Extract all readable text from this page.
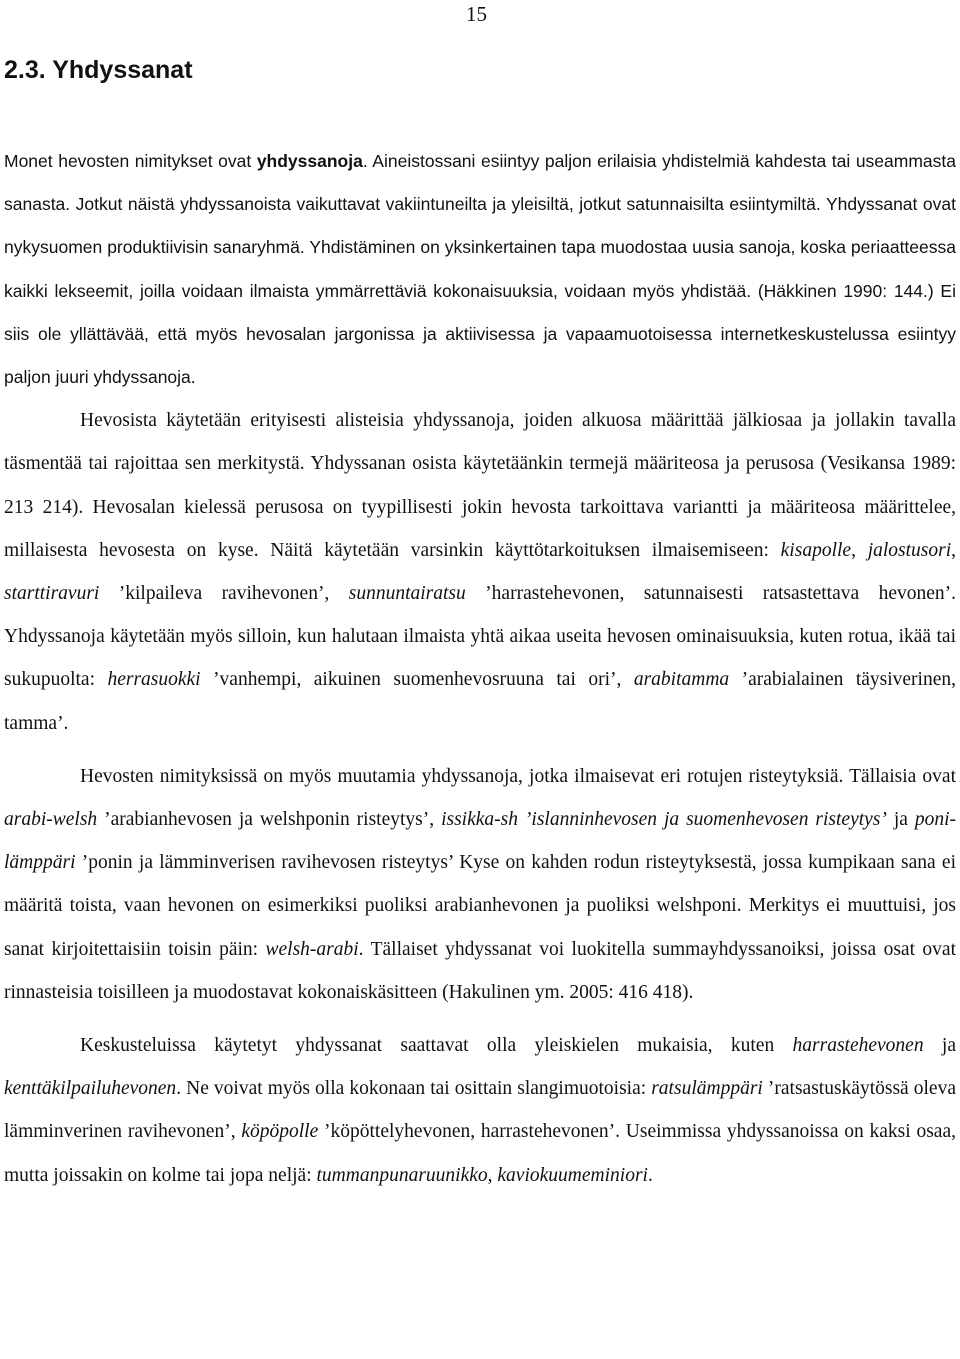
15
2.3. Yhdyssanat

Monet hevosten nimitykset ovat yhdyssanoja. Aineistossani esiintyy paljon erilaisia yhdistelmiä kahdesta tai useammasta sanasta. Jotkut näistä yhdyssanoista vaikuttavat vakiintuneilta ja yleisiltä, jotkut satunnaisilta esiintymiltä. Yhdyssanat ovat nykysuomen produktiivisin sanaryhmä. Yhdistäminen on yksinkertainen tapa muodostaa uusia sanoja, koska periaatteessa kaikki lekseemit, joilla voidaan ilmaista ymmärrettäviä kokonaisuuksia, voidaan myös yhdistää. (Häkkinen 1990: 144.) Ei siis ole yllättävää, että myös hevosalan jargonissa ja aktiivisessa ja vapaamuotoisessa internetkeskustelussa esiintyy paljon juuri yhdyssanoja.

Hevosista käytetään erityisesti alisteisia yhdyssanoja, joiden alkuosa määrittää jälkiosaa ja jollakin tavalla täsmentää tai rajoittaa sen merkitystä. Yhdyssanan osista käytetäänkin termejä määriteosa ja perusosa (Vesikansa 1989: 213 214). Hevosalan kielessä perusosa on tyypillisesti jokin hevosta tarkoittava variantti ja määriteosa määrittelee, millaisesta hevosesta on kyse. Näitä käytetään varsinkin käyttötarkoituksen ilmaisemiseen: kisapolle, jalostusori, starttiravuri ’kilpaileva ravihevonen’, sunnuntairatsu ’harrastehevonen, satunnaisesti ratsastettava hevonen’. Yhdyssanoja käytetään myös silloin, kun halutaan ilmaista yhtä aikaa useita hevosen ominaisuuksia, kuten rotua, ikää tai sukupuolta: herrasuokki ’vanhempi, aikuinen suomenhevosruuna tai ori’, arabitamma ’arabialainen täysiverinen, tamma’.

Hevosten nimityksissä on myös muutamia yhdyssanoja, jotka ilmaisevat eri rotujen risteytyksiä. Tällaisia ovat arabi-welsh ’arabianhevosen ja welshponin risteytys’, issikka-sh ’islanninhevosen ja suomenhevosen risteytys’ ja poni-lämppäri ’ponin ja lämminverisen ravihevosen risteytys’ Kyse on kahden rodun risteytyksestä, jossa kumpikaan sana ei määritä toista, vaan hevonen on esimerkiksi puoliksi arabianhevonen ja puoliksi welshponi. Merkitys ei muuttuisi, jos sanat kirjoitettaisiin toisin päin: welsh-arabi. Tällaiset yhdyssanat voi luokitella summayhdyssanoiksi, joissa osat ovat rinnasteisia toisilleen ja muodostavat kokonaiskäsitteen (Hakulinen ym. 2005: 416 418).

Keskusteluissa käytetyt yhdyssanat saattavat olla yleiskielen mukaisia, kuten harrastehevonen ja kenttäkilpailuhevonen. Ne voivat myös olla kokonaan tai osittain slangimuotoisia: ratsulämppäri ’ratsastuskäytössä oleva lämminverinen ravihevonen’, köpöpolle ’köpöttelyhevonen, harrastehevonen’. Useimmissa yhdyssanoissa on kaksi osaa, mutta joissakin on kolme tai jopa neljä: tummanpunaruunikko, kaviokuumeminiori.
